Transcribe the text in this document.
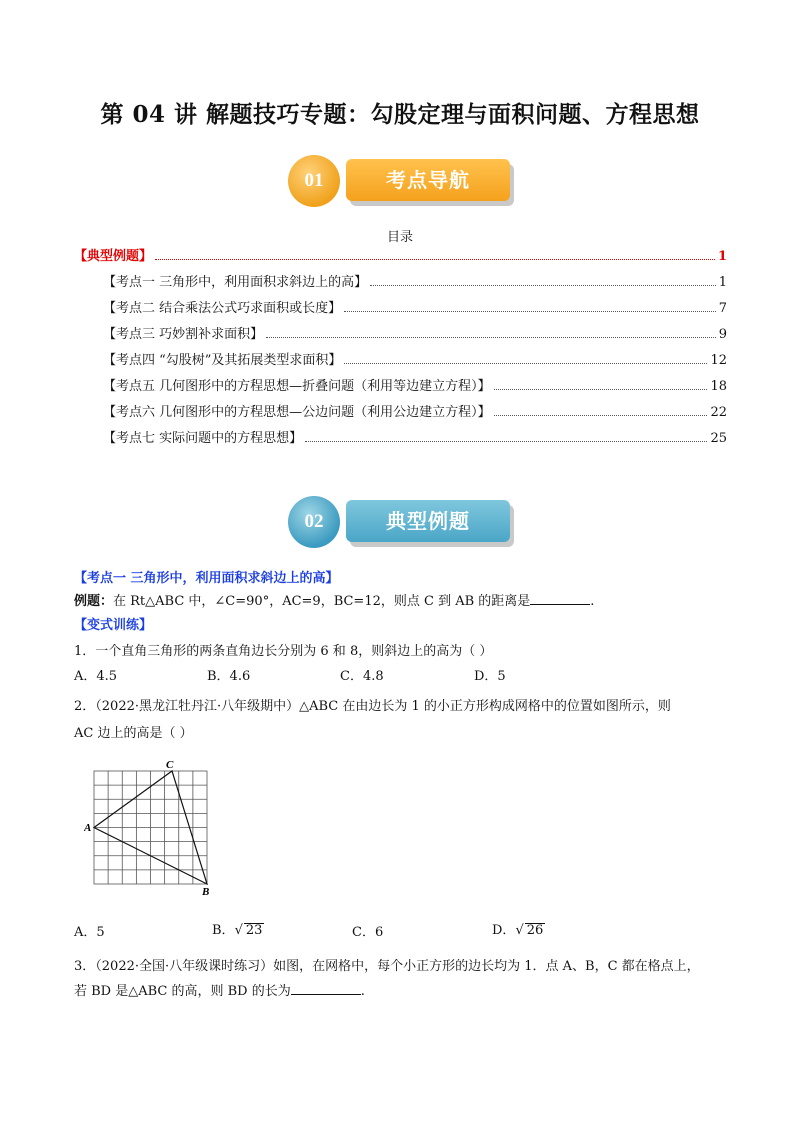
第 04 讲 解题技巧专题：勾股定理与面积问题、方程思想
01	考点导航
目录
【典型例题】	1
【考点一 三角形中，利用面积求斜边上的高】	1
【考点二 结合乘法公式巧求面积或长度】	7
【考点三 巧妙割补求面积】	9
【考点四 “勾股树”及其拓展类型求面积】	12
【考点五 几何图形中的方程思想—折叠问题（利用等边建立方程）】	18
【考点六 几何图形中的方程思想—公边问题（利用公边建立方程）】	22
【考点七 实际问题中的方程思想】	25
02	典型例题
【考点一 三角形中，利用面积求斜边上的高】
例题：在 Rt△ABC 中，∠C=90°，AC=9，BC=12，则点 C 到 AB 的距离是	.
【变式训练】
1．一个直角三角形的两条直角边长分别为 6 和 8，则斜边上的高为（ ）
A．4.5	B．4.6	C．4.8	D．5
2．（2022·黑龙江牡丹江·八年级期中）△ABC 在由边长为 1 的小正方形构成网格中的位置如图所示，则
AC 边上的高是（ ）
A
C
B
A．5	B．√ 23	C．6	D．√ 26
3．（2022·全国·八年级课时练习）如图，在网格中，每个小正方形的边长均为 1．点 A、B，C 都在格点上，
若 BD 是△ABC 的高，则 BD 的长为	.
